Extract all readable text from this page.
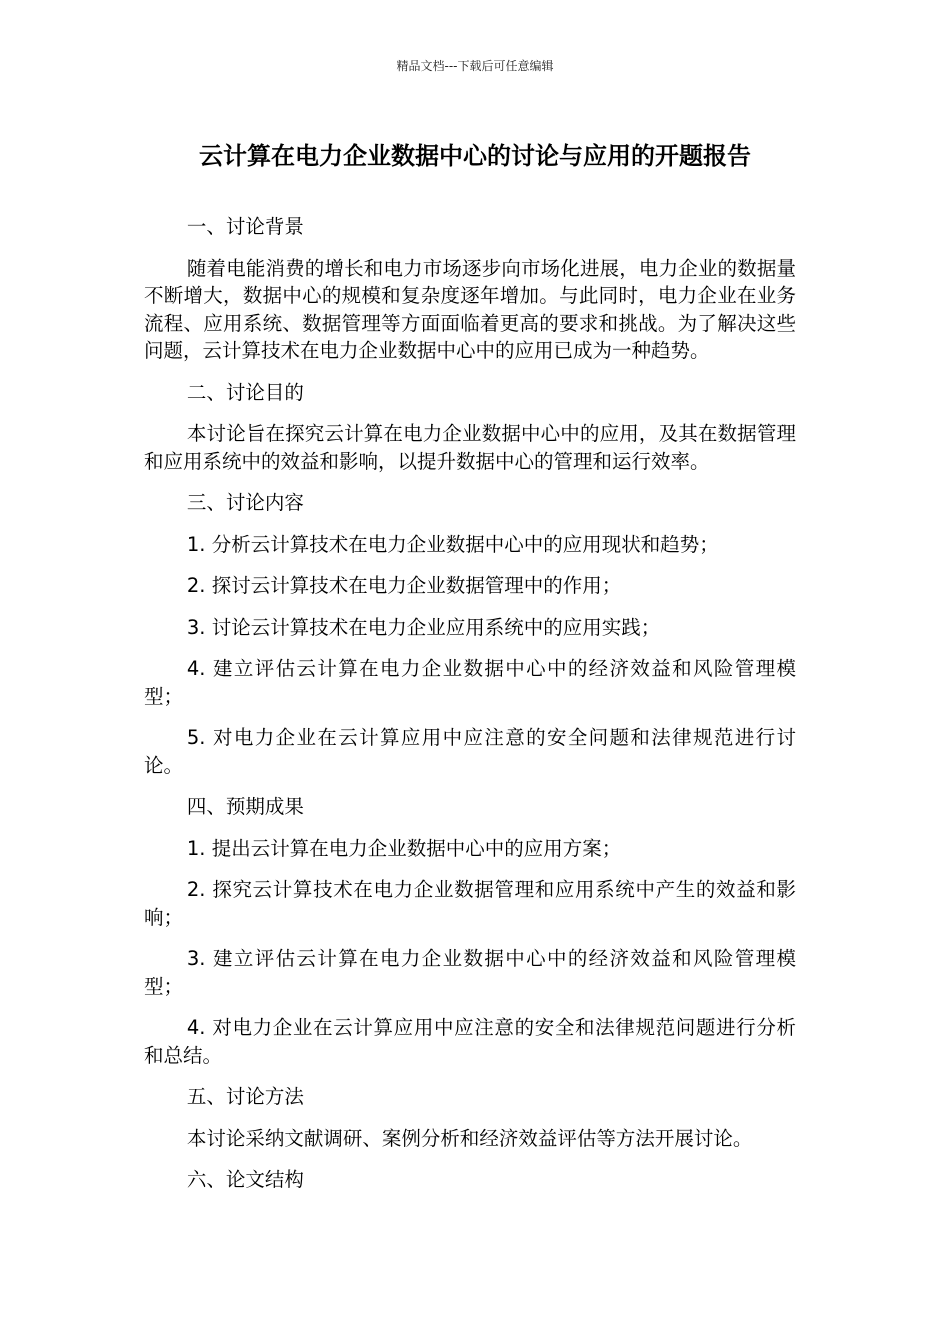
精品文档---下载后可任意编辑
云计算在电力企业数据中心的讨论与应用的开题报告

一、讨论背景

随着电能消费的增长和电力市场逐步向市场化进展，电力企业的数据量不断增大，数据中心的规模和复杂度逐年增加。与此同时，电力企业在业务流程、应用系统、数据管理等方面面临着更高的要求和挑战。为了解决这些问题，云计算技术在电力企业数据中心中的应用已成为一种趋势。

二、讨论目的

本讨论旨在探究云计算在电力企业数据中心中的应用，及其在数据管理和应用系统中的效益和影响，以提升数据中心的管理和运行效率。

三、讨论内容

1. 分析云计算技术在电力企业数据中心中的应用现状和趋势；

2. 探讨云计算技术在电力企业数据管理中的作用；

3. 讨论云计算技术在电力企业应用系统中的应用实践；

4. 建立评估云计算在电力企业数据中心中的经济效益和风险管理模型；

5. 对电力企业在云计算应用中应注意的安全问题和法律规范进行讨论。

四、预期成果

1. 提出云计算在电力企业数据中心中的应用方案；

2. 探究云计算技术在电力企业数据管理和应用系统中产生的效益和影响；

3. 建立评估云计算在电力企业数据中心中的经济效益和风险管理模型；

4. 对电力企业在云计算应用中应注意的安全和法律规范问题进行分析和总结。

五、讨论方法

本讨论采纳文献调研、案例分析和经济效益评估等方法开展讨论。

六、论文结构
